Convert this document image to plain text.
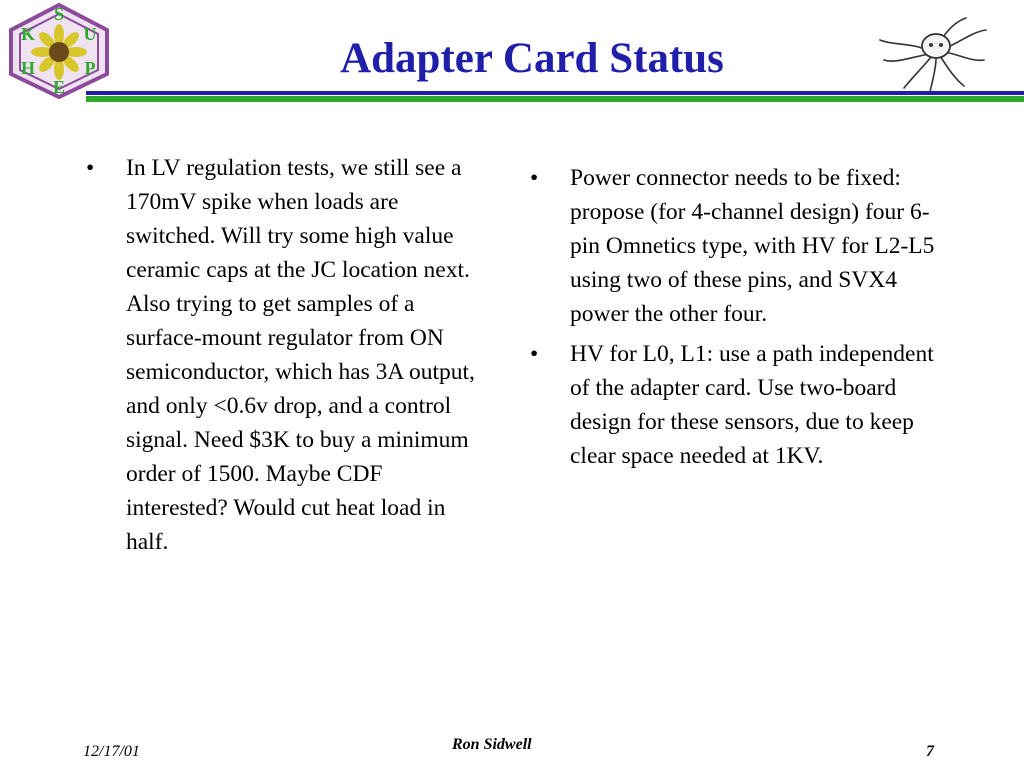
S
U
P
E
H
K
Adapter Card Status
•	In LV regulation tests, we still see a 170mV spike when loads are switched. Will try some high value ceramic caps at the JC location next. Also trying to get samples of a surface-mount regulator from ON semiconductor, which has 3A output, and only <0.6v drop, and a control signal. Need $3K to buy a minimum order of 1500. Maybe CDF interested? Would cut heat load in half.
•	Power connector needs to be fixed: propose (for 4-channel design) four 6-pin Omnetics type, with HV for L2-L5 using two of these pins, and SVX4 power the other four.
•	HV for L0, L1: use a path independent of the adapter card. Use two-board design for these sensors, due to keep clear space needed at 1KV.
12/17/01	Ron Sidwell	7
